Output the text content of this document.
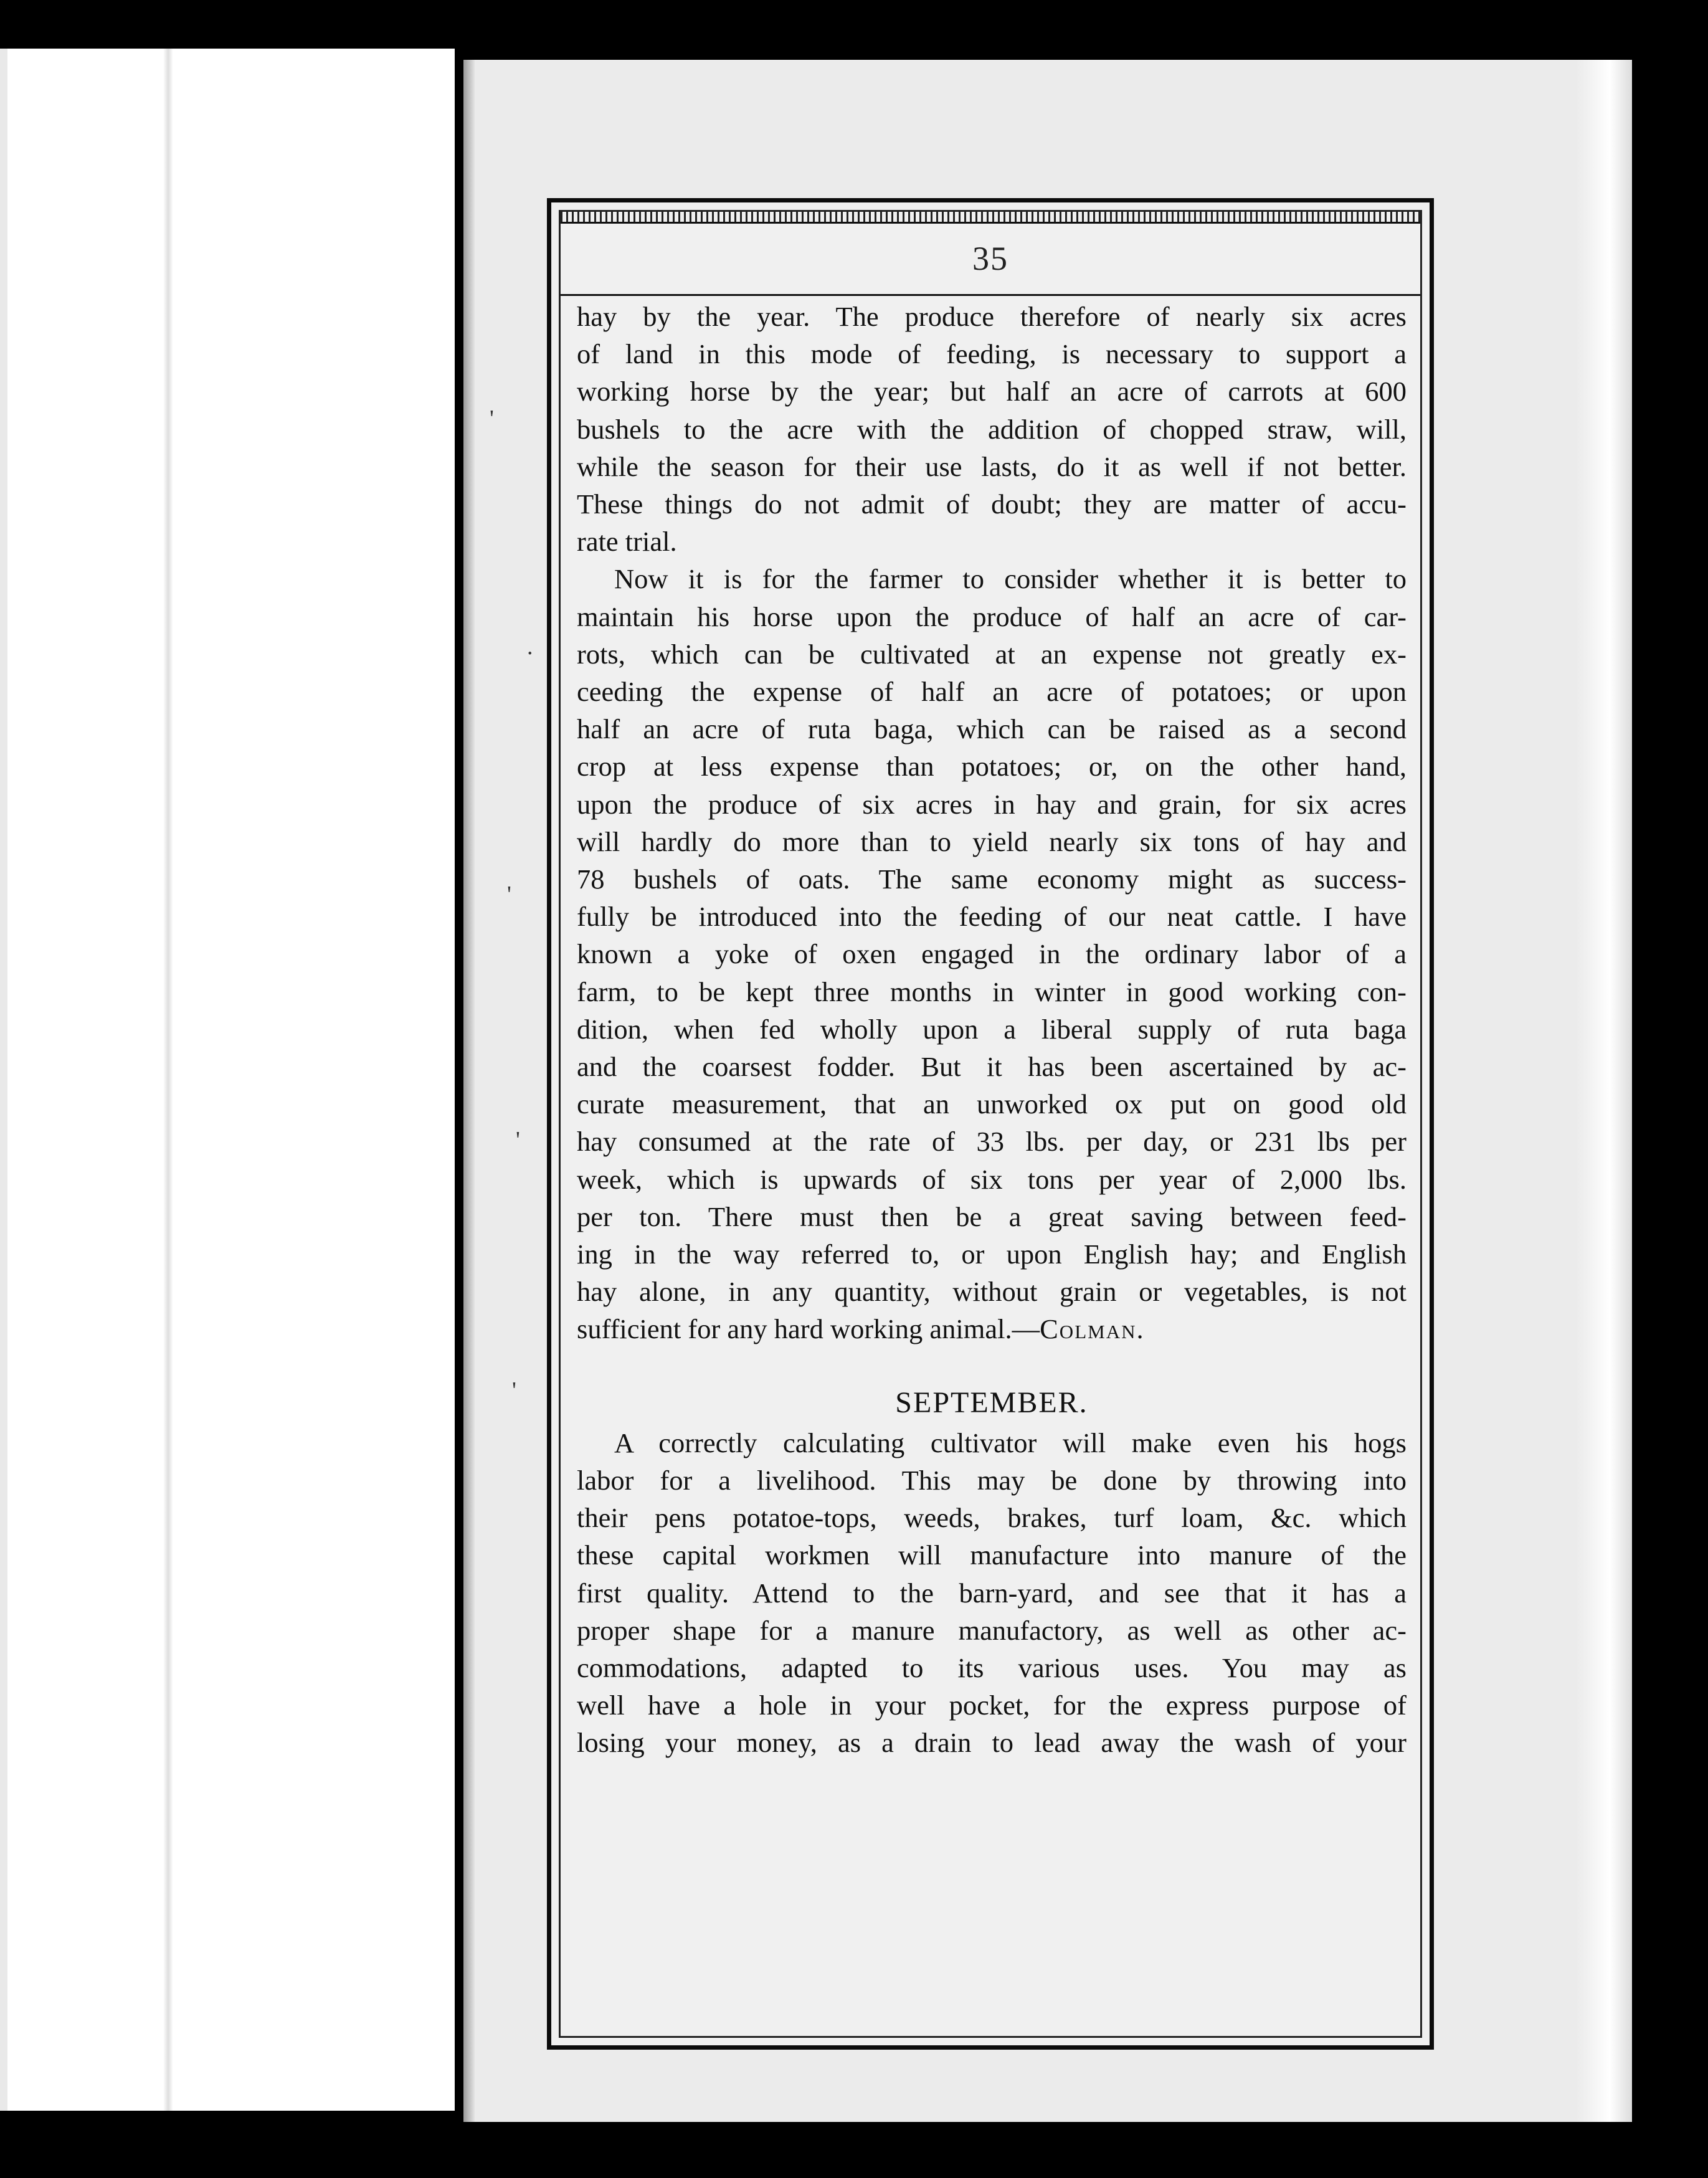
'
.
'
'
'
35

hay by the year. The produce therefore of nearly six acres
of land in this mode of feeding, is necessary to support a
working horse by the year; but half an acre of carrots at 600
bushels to the acre with the addition of chopped straw, will,
while the season for their use lasts, do it as well if not better.
These things do not admit of doubt; they are matter of accu-
rate trial.

Now it is for the farmer to consider whether it is better to
maintain his horse upon the produce of half an acre of car-
rots, which can be cultivated at an expense not greatly ex-
ceeding the expense of half an acre of potatoes; or upon
half an acre of ruta baga, which can be raised as a second
crop at less expense than potatoes; or, on the other hand,
upon the produce of six acres in hay and grain, for six acres
will hardly do more than to yield nearly six tons of hay and
78 bushels of oats. The same economy might as success-
fully be introduced into the feeding of our neat cattle. I have
known a yoke of oxen engaged in the ordinary labor of a
farm, to be kept three months in winter in good working con-
dition, when fed wholly upon a liberal supply of ruta baga
and the coarsest fodder. But it has been ascertained by ac-
curate measurement, that an unworked ox put on good old
hay consumed at the rate of 33 lbs. per day, or 231 lbs per
week, which is upwards of six tons per year of 2,000 lbs.
per ton. There must then be a great saving between feed-
ing in the way referred to, or upon English hay; and English
hay alone, in any quantity, without grain or vegetables, is not
sufficient for any hard working animal.—Colman.

SEPTEMBER.

A correctly calculating cultivator will make even his hogs
labor for a livelihood. This may be done by throwing into
their pens potatoe-tops, weeds, brakes, turf loam, &c. which
these capital workmen will manufacture into manure of the
first quality. Attend to the barn-yard, and see that it has a
proper shape for a manure manufactory, as well as other ac-
commodations, adapted to its various uses. You may as
well have a hole in your pocket, for the express purpose of
losing your money, as a drain to lead away the wash of your
